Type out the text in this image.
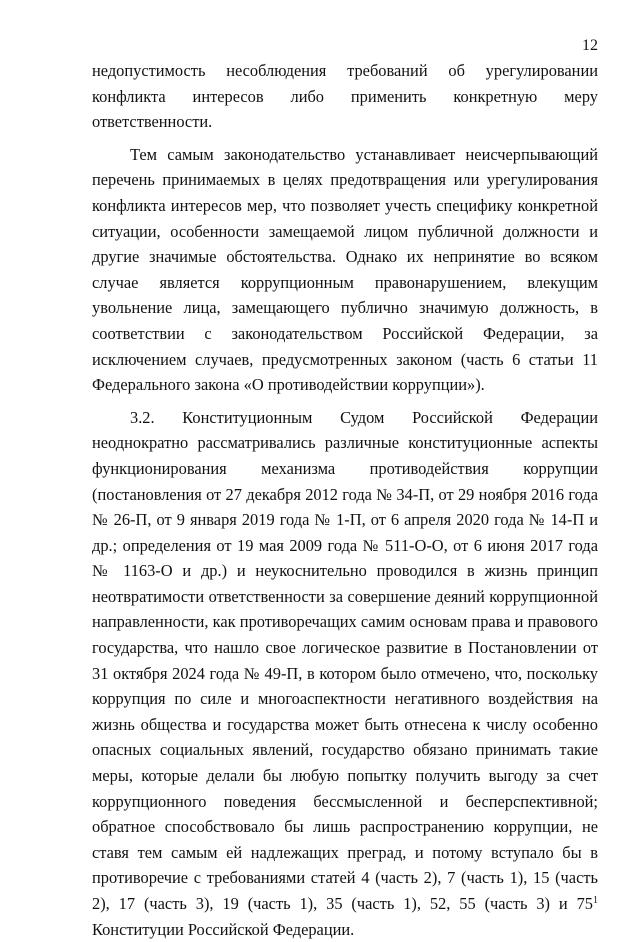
12

недопустимость несоблюдения требований об урегулировании конфликта интересов либо применить конкретную меру ответственности.

Тем самым законодательство устанавливает неисчерпывающий перечень принимаемых в целях предотвращения или урегулирования конфликта интересов мер, что позволяет учесть специфику конкретной ситуации, особенности замещаемой лицом публичной должности и другие значимые обстоятельства. Однако их непринятие во всяком случае является коррупционным правонарушением, влекущим увольнение лица, замещающего публично значимую должность, в соответствии с законодательством Российской Федерации, за исключением случаев, предусмотренных законом (часть 6 статьи 11 Федерального закона «О противодействии коррупции»).

3.2. Конституционным Судом Российской Федерации неоднократно рассматривались различные конституционные аспекты функционирования механизма противодействия коррупции (постановления от 27 декабря 2012 года № 34-П, от 29 ноября 2016 года № 26-П, от 9 января 2019 года № 1-П, от 6 апреля 2020 года № 14-П и др.; определения от 19 мая 2009 года № 511-О-О, от 6 июня 2017 года № 1163-О и др.) и неукоснительно проводился в жизнь принцип неотвратимости ответственности за совершение деяний коррупционной направленности, как противоречащих самим основам права и правового государства, что нашло свое логическое развитие в Постановлении от 31 октября 2024 года № 49-П, в котором было отмечено, что, поскольку коррупция по силе и многоаспектности негативного воздействия на жизнь общества и государства может быть отнесена к числу особенно опасных социальных явлений, государство обязано принимать такие меры, которые делали бы любую попытку получить выгоду за счет коррупционного поведения бессмысленной и бесперспективной; обратное способствовало бы лишь распространению коррупции, не ставя тем самым ей надлежащих преград, и потому вступало бы в противоречие с требованиями статей 4 (часть 2), 7 (часть 1), 15 (часть 2), 17 (часть 3), 19 (часть 1), 35 (часть 1), 52, 55 (часть 3) и $75^1$ Конституции Российской Федерации.
